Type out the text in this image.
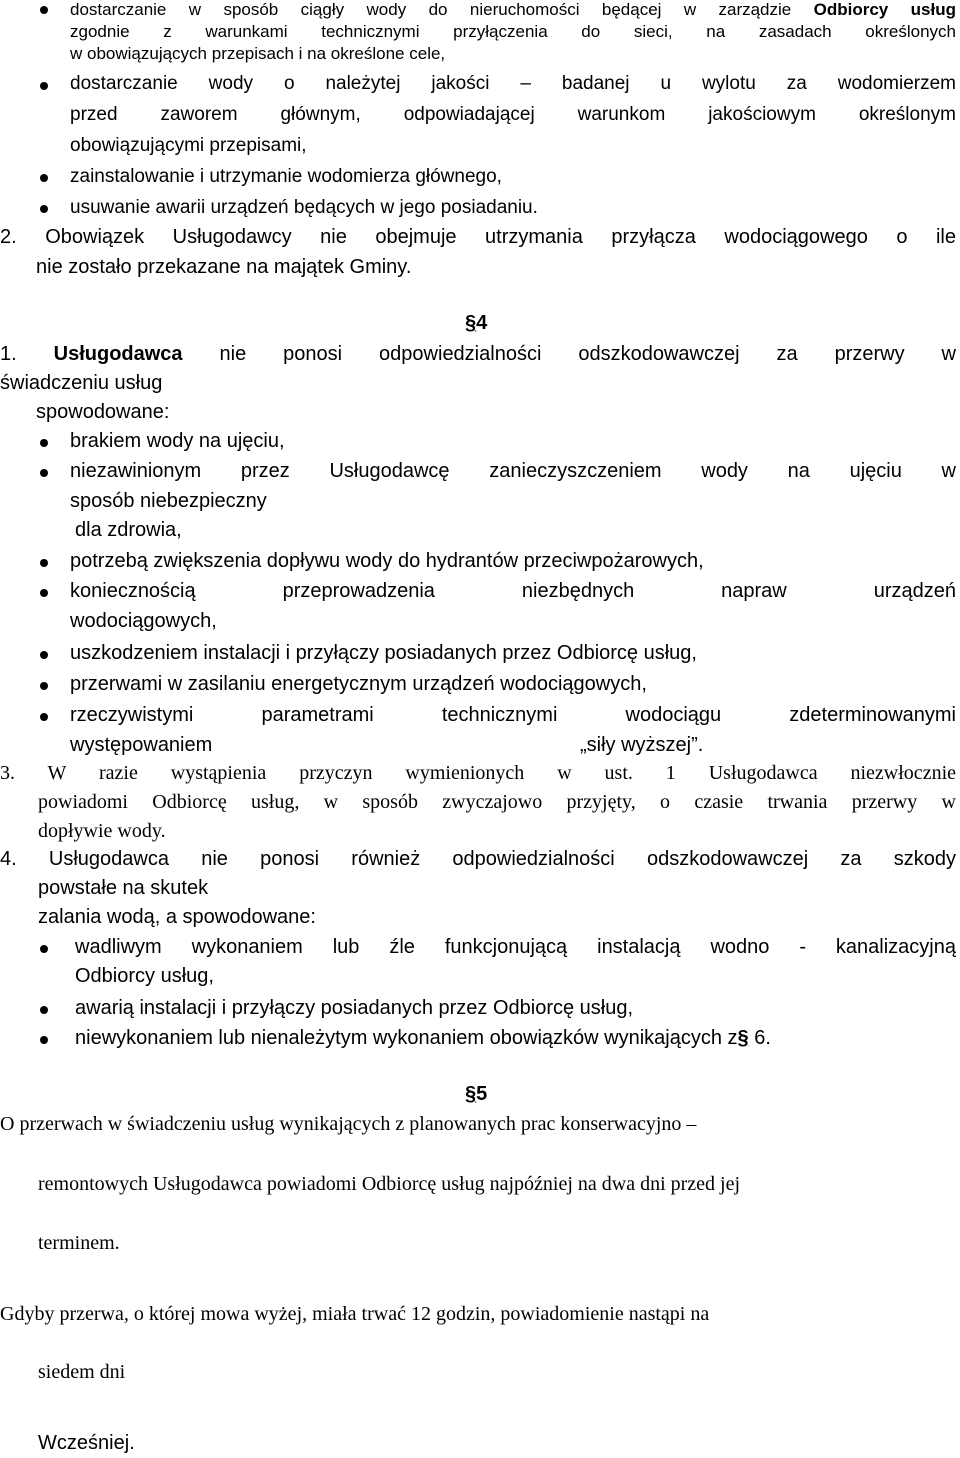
dostarczanie w sposób ciągły wody do nieruchomości będącej w zarządzie Odbiorcy usług
zgodnie z warunkami technicznymi przyłączenia do sieci, na zasadach określonych
w obowiązujących przepisach i na określone cele,
dostarczanie wody o należytej jakości – badanej u wylotu za wodomierzem
przed zaworem głównym, odpowiadającej warunkom jakościowym określonym
obowiązującymi przepisami,
zainstalowanie i utrzymanie wodomierza głównego,
usuwanie awarii urządzeń będących w jego posiadaniu.
2. Obowiązek Usługodawcy nie obejmuje utrzymania przyłącza wodociągowego o ile
nie zostało przekazane na majątek Gminy.
§4
1. Usługodawca nie ponosi odpowiedzialności odszkodowawczej za przerwy w
świadczeniu usług
spowodowane:
brakiem wody na ujęciu,
niezawinionym przez Usługodawcę zanieczyszczeniem wody na ujęciu w
sposób niebezpieczny
dla zdrowia,
potrzebą zwiększenia dopływu wody do hydrantów przeciwpożarowych,
koniecznością przeprowadzenia niezbędnych napraw urządzeń
wodociągowych,
uszkodzeniem instalacji i przyłączy posiadanych przez Odbiorcę usług,
przerwami w zasilaniu energetycznym urządzeń wodociągowych,
rzeczywistymi parametrami technicznymi wodociągu zdeterminowanymi
występowaniem	„siły wyższej”.
3. W razie wystąpienia przyczyn wymienionych w ust. 1 Usługodawca niezwłocznie
powiadomi Odbiorcę usług, w sposób zwyczajowo przyjęty, o czasie trwania przerwy w
dopływie wody.
4. Usługodawca nie ponosi również odpowiedzialności odszkodowawczej za szkody
powstałe na skutek
zalania wodą, a spowodowane:
wadliwym wykonaniem lub źle funkcjonującą instalacją wodno - kanalizacyjną
Odbiorcy usług,
awarią instalacji i przyłączy posiadanych przez Odbiorcę usług,
niewykonaniem lub nienależytym wykonaniem obowiązków wynikających z§ 6.
§5
O przerwach w świadczeniu usług wynikających z planowanych prac konserwacyjno –
remontowych Usługodawca powiadomi Odbiorcę usług najpóźniej na dwa dni przed jej
terminem.
Gdyby przerwa, o której mowa wyżej, miała trwać 12 godzin, powiadomienie nastąpi na
siedem dni
Wcześniej.
